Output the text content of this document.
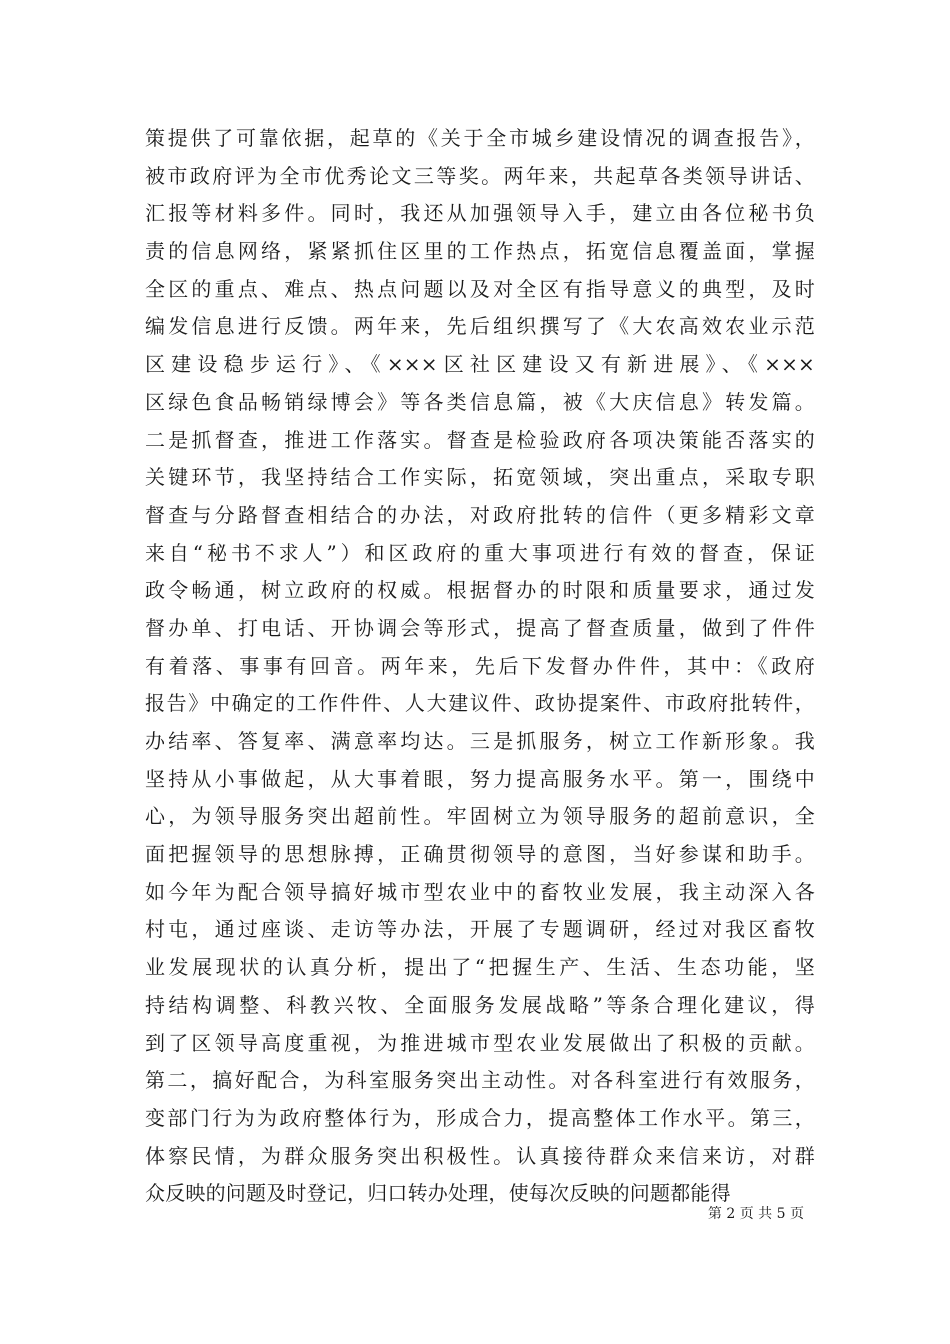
策提供了可靠依据，起草的《关于全市城乡建设情况的调查报告》，
被市政府评为全市优秀论文三等奖。两年来，共起草各类领导讲话、
汇报等材料多件。同时，我还从加强领导入手，建立由各位秘书负
责的信息网络，紧紧抓住区里的工作热点，拓宽信息覆盖面，掌握
全区的重点、难点、热点问题以及对全区有指导意义的典型，及时
编发信息进行反馈。两年来，先后组织撰写了《大农高效农业示范
区建设稳步运行》、《×××区社区建设又有新进展》、《×××
区绿色食品畅销绿博会》等各类信息篇，被《大庆信息》转发篇。
二是抓督查，推进工作落实。督查是检验政府各项决策能否落实的
关键环节，我坚持结合工作实际，拓宽领域，突出重点，采取专职
督查与分路督查相结合的办法，对政府批转的信件（更多精彩文章
来自“秘书不求人”）和区政府的重大事项进行有效的督查，保证
政令畅通，树立政府的权威。根据督办的时限和质量要求，通过发
督办单、打电话、开协调会等形式，提高了督查质量，做到了件件
有着落、事事有回音。两年来，先后下发督办件件，其中：《政府
报告》中确定的工作件件、人大建议件、政协提案件、市政府批转件，
办结率、答复率、满意率均达。三是抓服务，树立工作新形象。我
坚持从小事做起，从大事着眼，努力提高服务水平。第一，围绕中
心，为领导服务突出超前性。牢固树立为领导服务的超前意识，全
面把握领导的思想脉搏，正确贯彻领导的意图，当好参谋和助手。
如今年为配合领导搞好城市型农业中的畜牧业发展，我主动深入各
村屯，通过座谈、走访等办法，开展了专题调研，经过对我区畜牧
业发展现状的认真分析，提出了“把握生产、生活、生态功能，坚
持结构调整、科教兴牧、全面服务发展战略”等条合理化建议，得
到了区领导高度重视，为推进城市型农业发展做出了积极的贡献。
第二，搞好配合，为科室服务突出主动性。对各科室进行有效服务，
变部门行为为政府整体行为，形成合力，提高整体工作水平。第三，
体察民情，为群众服务突出积极性。认真接待群众来信来访，对群
众反映的问题及时登记，归口转办处理，使每次反映的问题都能得
第 2 页 共 5 页
